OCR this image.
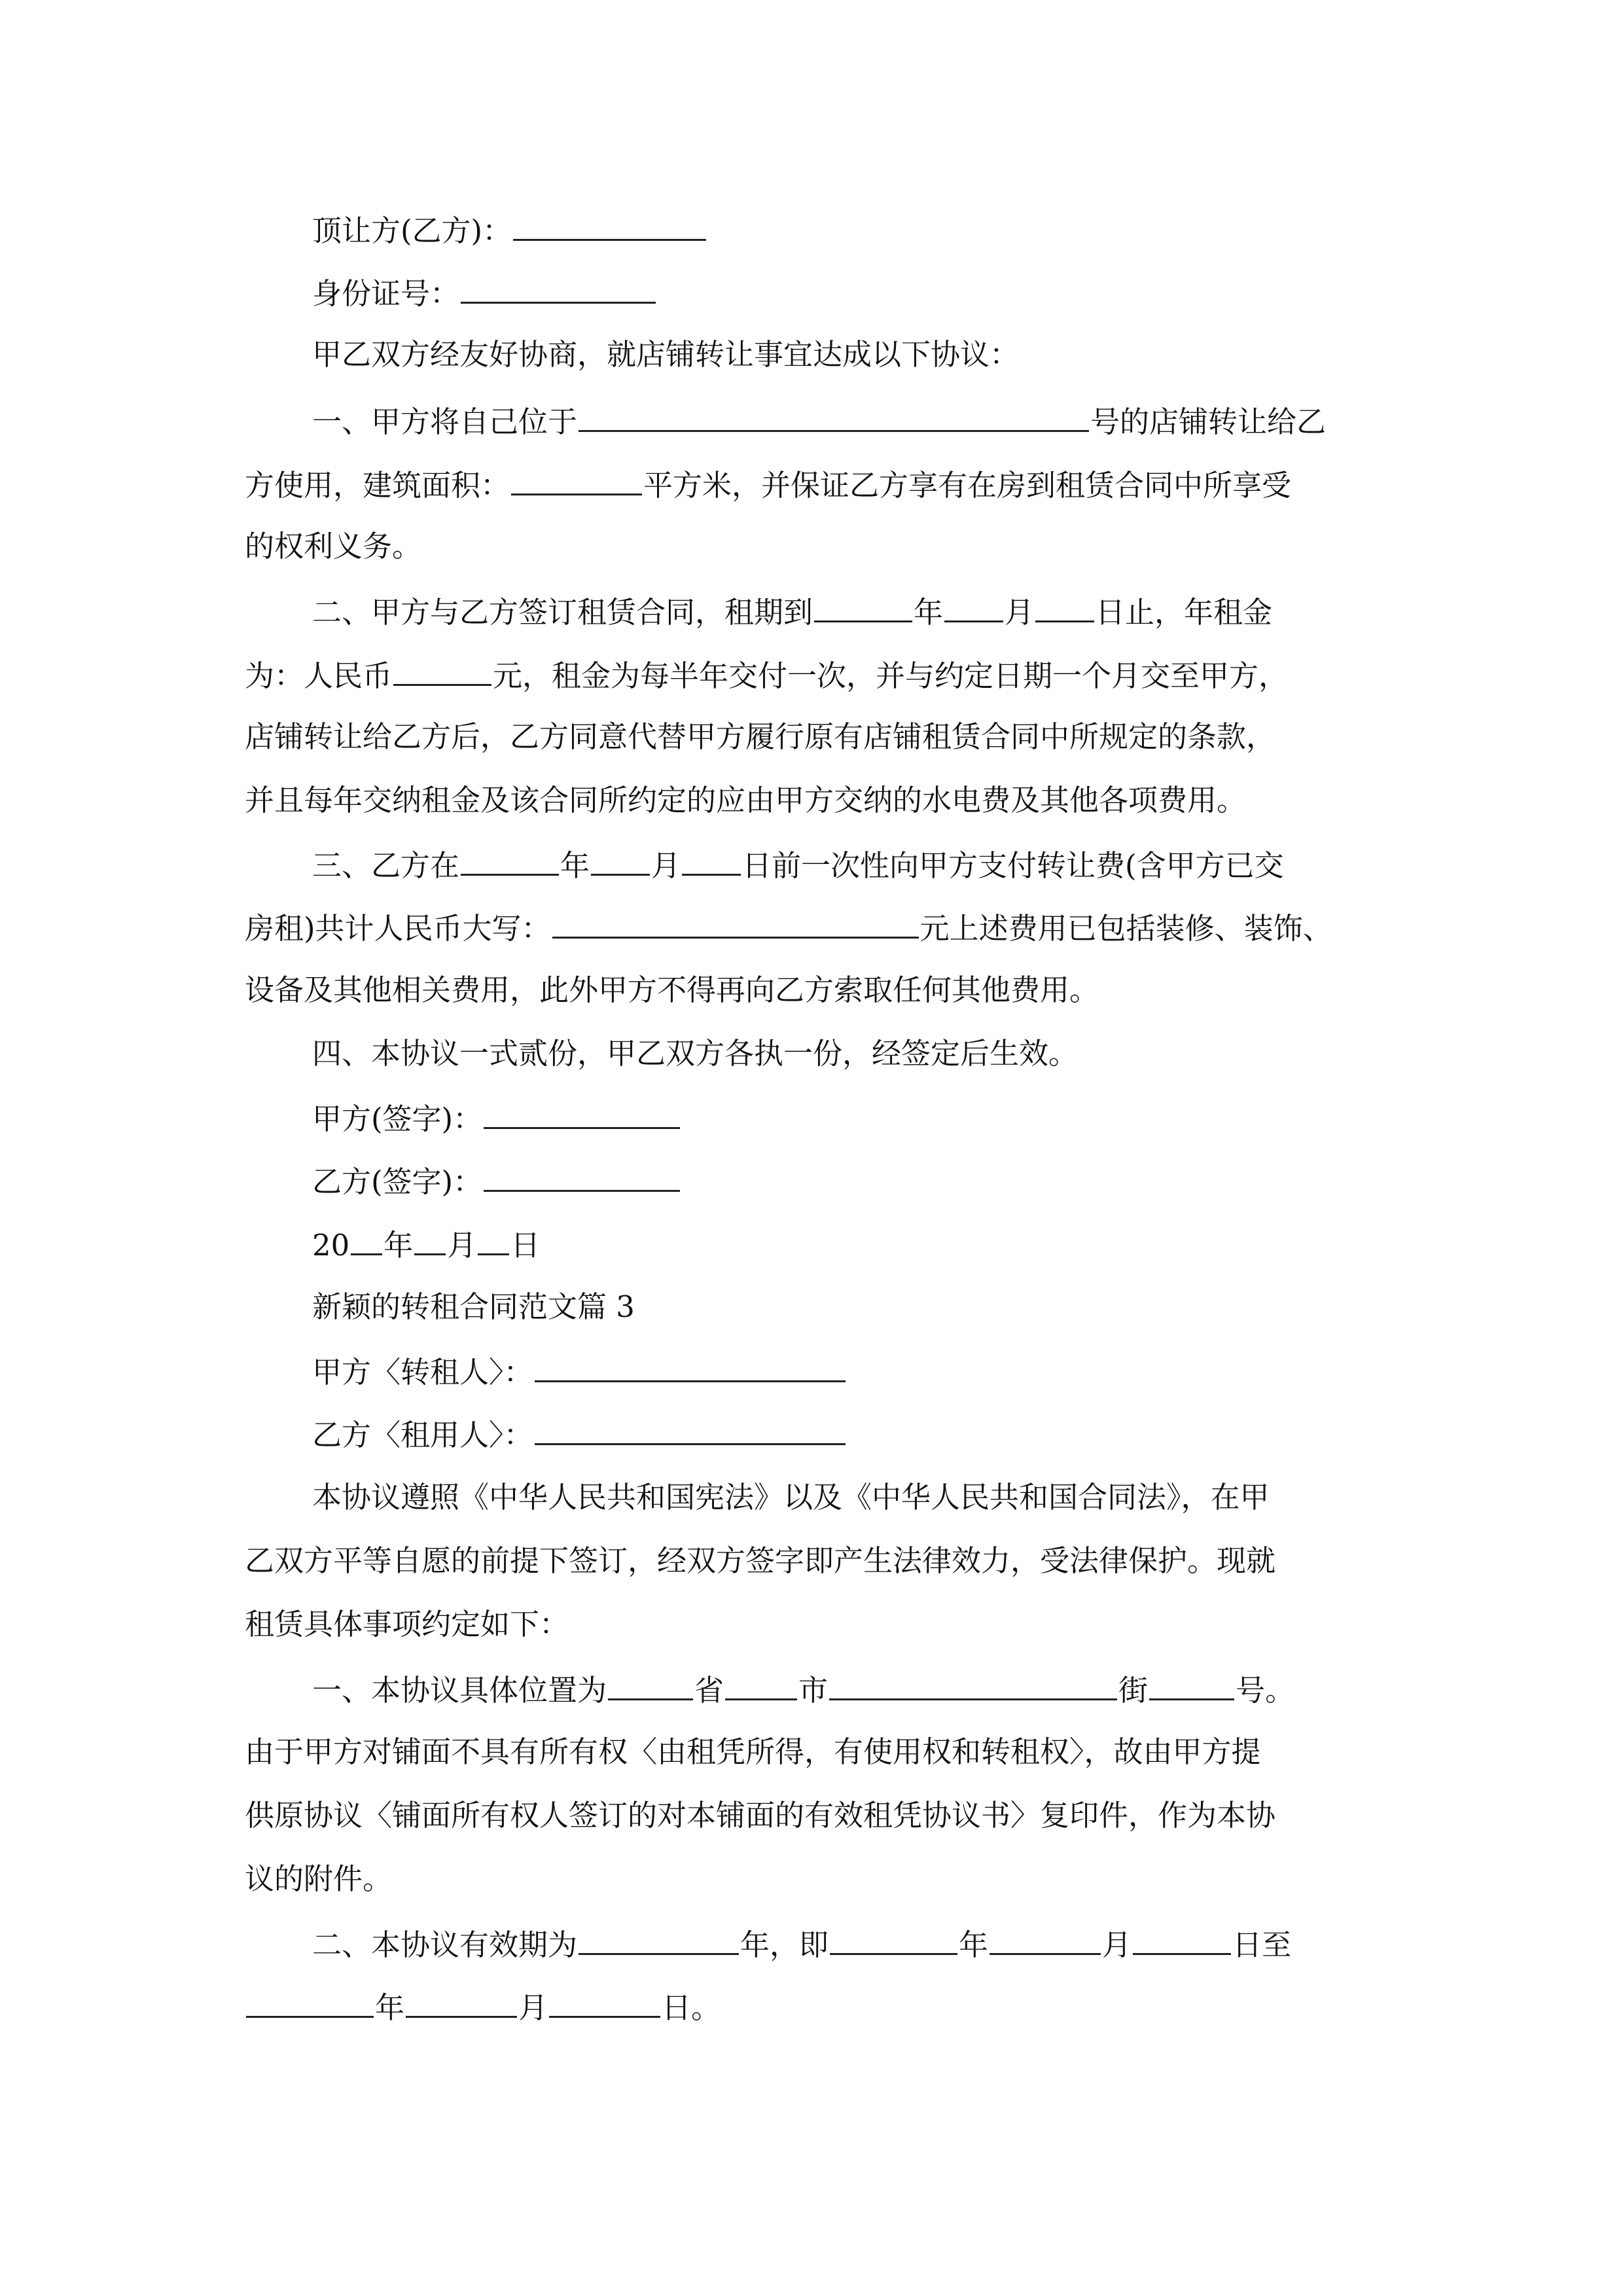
顶让方(乙方)：
身份证号：
甲乙双方经友好协商，就店铺转让事宜达成以下协议：
一、甲方将自己位于	号的店铺转让给乙
方使用，建筑面积：	平方米，并保证乙方享有在房到租赁合同中所享受
的权利义务。
二、甲方与乙方签订租赁合同，租期到	年 月 日止，年租金
为：人民币	元，租金为每半年交付一次，并与约定日期一个月交至甲方，
店铺转让给乙方后，乙方同意代替甲方履行原有店铺租赁合同中所规定的条款，
并且每年交纳租金及该合同所约定的应由甲方交纳的水电费及其他各项费用。
三、乙方在	年 月 日前一次性向甲方支付转让费(含甲方已交
房租)共计人民币大写：	元上述费用已包括装修、装饰、
设备及其他相关费用，此外甲方不得再向乙方索取任何其他费用。
四、本协议一式贰份，甲乙双方各执一份，经签定后生效。
甲方(签字)：
乙方(签字)：
20 年 月 日
新颖的转租合同范文篇 3
甲方〈转租人〉：
乙方〈租用人〉：
本协议遵照《中华人民共和国宪法》以及《中华人民共和国合同法》，在甲
乙双方平等自愿的前提下签订，经双方签字即产生法律效力，受法律保护。现就
租赁具体事项约定如下：
一、本协议具体位置为	省	市	街	号。
由于甲方对铺面不具有所有权〈由租凭所得，有使用权和转租权〉，故由甲方提
供原协议〈铺面所有权人签订的对本铺面的有效租凭协议书〉复印件，作为本协
议的附件。
二、本协议有效期为	年，即	年	月	日至
年	月	日。
